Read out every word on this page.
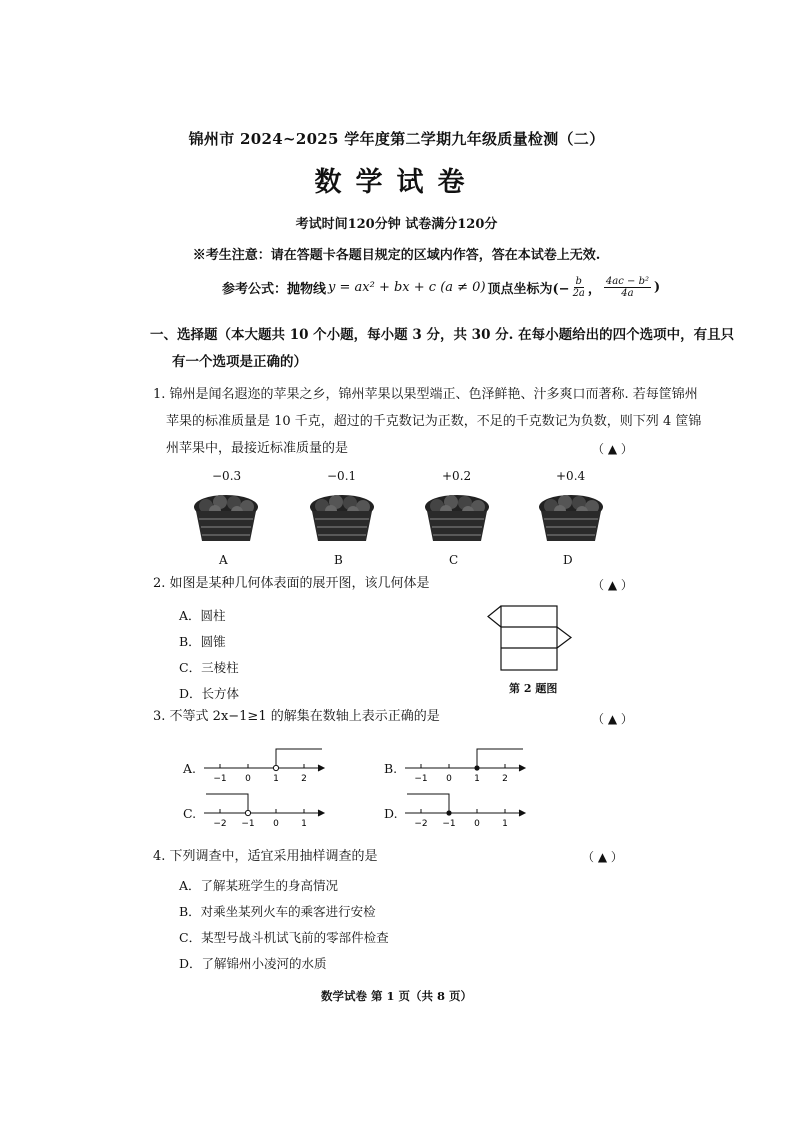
锦州市 2024~2025 学年度第二学期九年级质量检测（二）
数学试卷
考试时间120分钟 试卷满分120分
※考生注意：请在答题卡各题目规定的区域内作答，答在本试卷上无效.
参考公式：抛物线 y = ax² + bx + c (a ≠ 0) 顶点坐标为(− $\frac{b}{2a}$ ， $\frac{\text{4ac − b²}}{4a}$ )
一、选择题（本大题共 10 个小题，每小题 3 分，共 30 分. 在每小题给出的四个选项中，有且只
有一个选项是正确的）
1. 锦州是闻名遐迩的苹果之乡，锦州苹果以果型端正、色泽鲜艳、汁多爽口而著称. 若每筐锦州
苹果的标准质量是 10 千克，超过的千克数记为正数，不足的千克数记为负数，则下列 4 筐锦
州苹果中，最接近标准质量的是	（ ▲ ）
−0.3	−0.1	+0.2	+0.4
A	B	C	D
2. 如图是某种几何体表面的展开图，该几何体是	（ ▲ ）
A．圆柱
B．圆锥
C．三棱柱
D．长方体	第 2 题图
3. 不等式 2x−1≥1 的解集在数轴上表示正确的是	（ ▲ ）
A.
−1 0 1 2
B.
−1 0 1 2
C.
−2 −1 0 1
D.
−2 −1 0 1
4. 下列调查中，适宜采用抽样调查的是	（ ▲ ）
A．了解某班学生的身高情况
B．对乘坐某列火车的乘客进行安检
C．某型号战斗机试飞前的零部件检查
D．了解锦州小凌河的水质
数学试卷 第 1 页（共 8 页）
